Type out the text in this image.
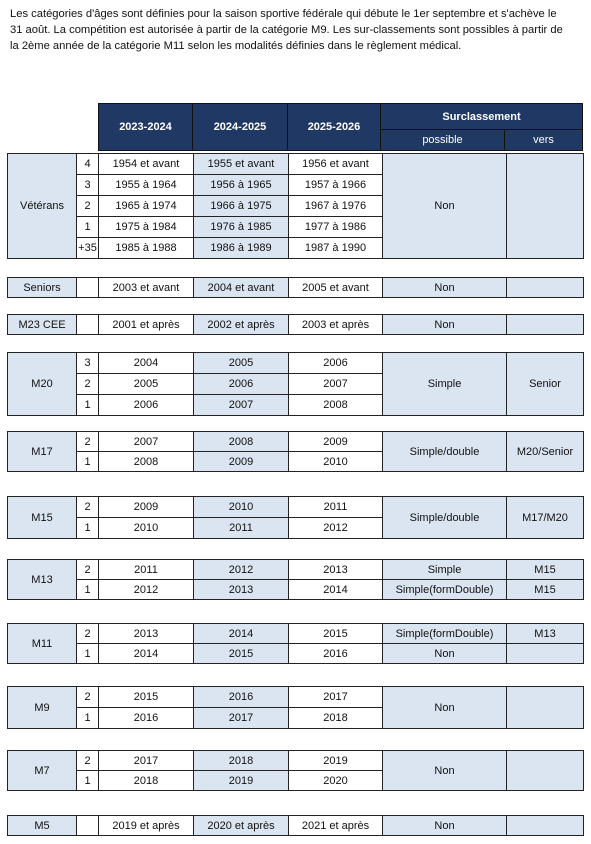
Les catégories d'âges sont définies pour la saison sportive fédérale qui débute le 1er septembre et s'achève le 31 août. La compétition est autorisée à partir de la catégorie M9. Les sur-classements sont possibles à partir de la 2ème année de la catégorie M11 selon les modalités définies dans le règlement médical.

2023-2024	2024-2025	2025-2026
Surclassement
possible	vers
Vétérans	4	1954 et avant	1955 et avant	1956 et avant	Non	
	3	1955 à 1964	1956 à 1965	1957 à 1966		
	2	1965 à 1974	1966 à 1975	1967 à 1976		
	1	1975 à 1984	1976 à 1985	1977 à 1986		
	+35	1985 à 1988	1986 à 1989	1987 à 1990		
Seniors		2003 et avant	2004 et avant	2005 et avant	Non	
M23 CEE		2001 et après	2002 et après	2003 et après	Non	
M20	3	2004	2005	2006	Simple	Senior
	2	2005	2006	2007		
	1	2006	2007	2008		
M17	2	2007	2008	2009	Simple/double	M20/Senior
	1	2008	2009	2010		
M15	2	2009	2010	2011	Simple/double	M17/M20
	1	2010	2011	2012		
M13	2	2011	2012	2013	Simple	M15
	1	2012	2013	2014	Simple(formDouble)	M15
M11	2	2013	2014	2015	Simple(formDouble)	M13
	1	2014	2015	2016	Non	
M9	2	2015	2016	2017	Non	
	1	2016	2017	2018		
M7	2	2017	2018	2019	Non	
	1	2018	2019	2020		
M5		2019 et après	2020 et après	2021 et après	Non	
